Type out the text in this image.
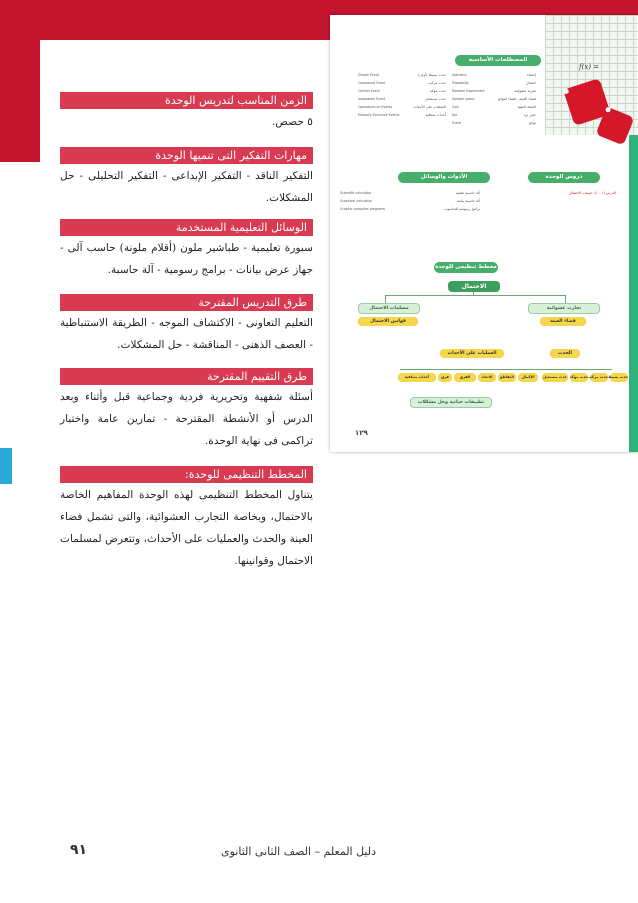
f(x) =
المصطلحات الأساسية
إحصاء
Statistics
احتمال
Probability
تجربة عشوائية
Random Experiment
فضاء العينة - فضاء النواتج
Sample space
العملة النقود
Coin
حجر نرد
Die
نواتج
Event
حدث بسيط (أولى)
Simple Event
حدث مركب
Compound Event
حدث مؤكد
Certain Event
حدث مستحيل
Impossible Event
العمليات على الأحداث
Operations on Events
أحداث متنافية
Mutually Exclusive Events
دروس الوحدة
الدرس (١ - ١): حساب الاحتمال
الأدوات والوسائل
آلة حاسبة علمية
Scientific calculator
آلة حاسبة بيانية
Graphical calculator
برامج رسومية للحاسوب
Graphic computer programs
مخطط تنظيمى للوحدة
الاحتمال
مسلمات الاحتمال
قوانين الاحتمال
تجارب عشوائية
فضاء العينة
العمليات على الأحداث	الحدث
أحداث متنافية	فرق	الفرق	الاتحاد	التقاطع	الإكمال	حدث مستحيل حدث مؤكد حدث مركب حدث بسيط
تطبيقات حياتية وحل مشكلات
١٢٩
الزمن المناسب لتدريس الوحدة
٥ حصص.
مهارات التفكير التى تنميها الوحدة
التفكير الناقد - التفكير الإبداعى - التفكير التحليلى - حل المشكلات.
الوسائل التعليمية المستخدمة
سبورة تعليمية - طباشير ملون (أقلام ملونة) حاسب آلى - جهاز عرض بيانات - برامج رسومية - آلة حاسبة.
طرق التدريس المقترحة
التعليم التعاونى - الاكتشاف الموجه - الطريقة الاستنباطية - العصف الذهنى - المناقشة - حل المشكلات.
طرق التقييم المقترحة
أسئلة شفهية وتحريرية فردية وجماعية قبل وأثناء وبعد الدرس أو الأنشطة المقترحة - تمارين عامة واختبار تراكمى فى نهاية الوحدة.
المخطط التنظيمى للوحدة:
يتناول المخطط التنظيمى لهذه الوحدة المفاهيم الخاصة بالاحتمال، وبخاصة التجارب العشوائية، والتى تشمل فضاء العينة والحدث والعمليات على الأحداث، وتتعرض لمسلمات الاحتمال وقوانينها.
٩١	دليل المعلم – الصف الثانى الثانوى
